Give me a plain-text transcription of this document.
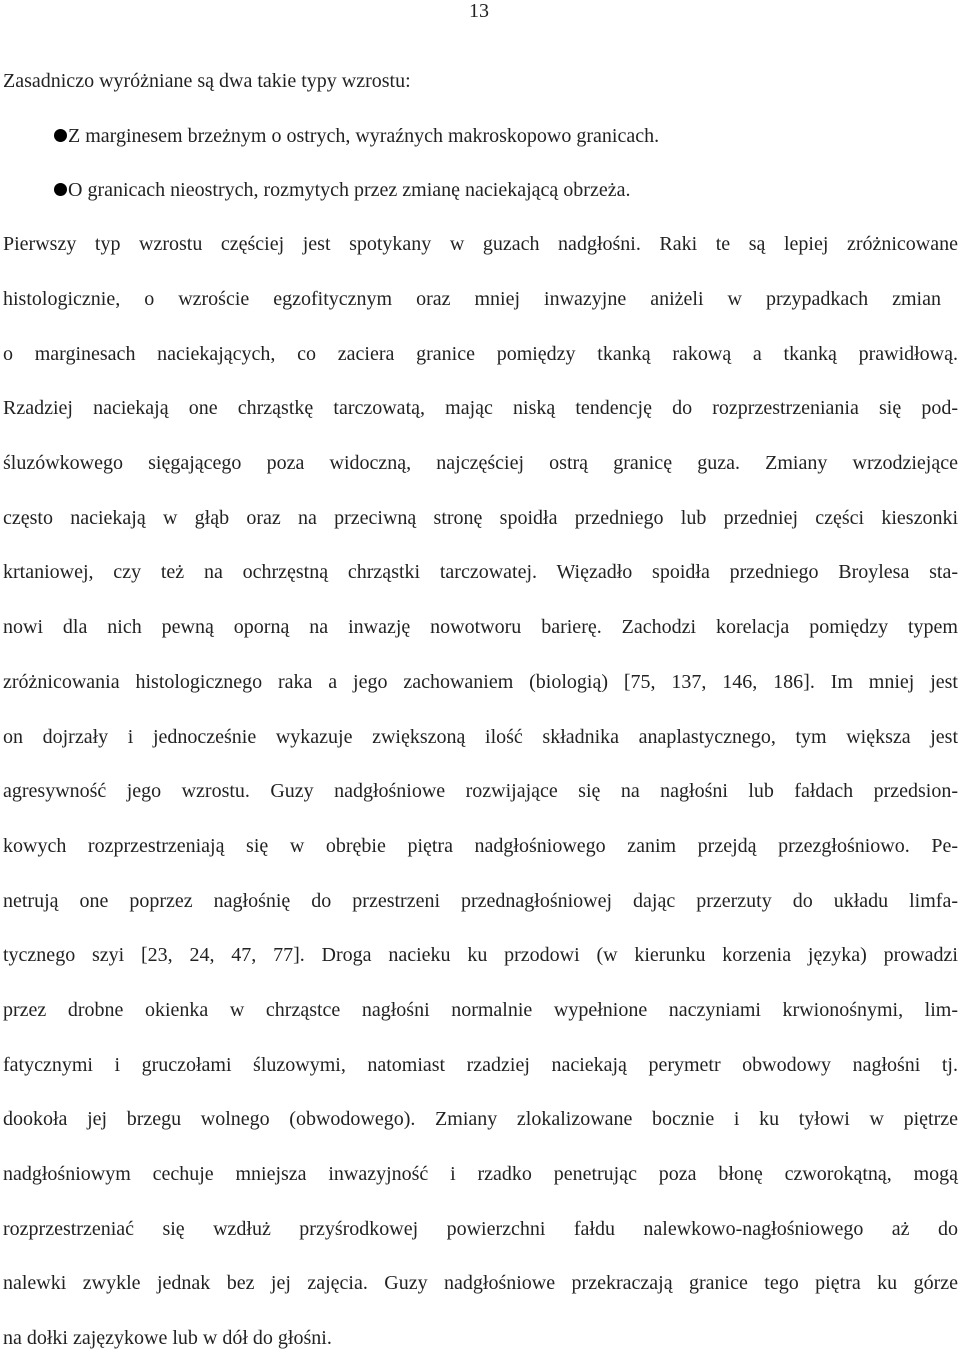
13
Zasadniczo wyróżniane są dwa takie typy wzrostu:
Z marginesem brzeżnym o ostrych, wyraźnych makroskopowo granicach.
O granicach nieostrych, rozmytych przez zmianę naciekającą obrzeża.
Pierwszy typ wzrostu częściej jest spotykany w guzach nadgłośni. Raki te są lepiej zróżnicowane
histologicznie, o wzroście egzofitycznym oraz mniej inwazyjne aniżeli w przypadkach zmian
o marginesach naciekających, co zaciera granice pomiędzy tkanką rakową a tkanką prawidłową.
Rzadziej naciekają one chrząstkę tarczowatą, mając niską tendencję do rozprzestrzeniania się pod-
śluzówkowego sięgającego poza widoczną, najczęściej ostrą granicę guza. Zmiany wrzodziejące
często naciekają w głąb oraz na przeciwną stronę spoidła przedniego lub przedniej części kieszonki
krtaniowej, czy też na ochrzęstną chrząstki tarczowatej. Więzadło spoidła przedniego Broylesa sta-
nowi dla nich pewną oporną na inwazję nowotworu barierę. Zachodzi korelacja pomiędzy typem
zróżnicowania histologicznego raka a jego zachowaniem (biologią) [75, 137, 146, 186]. Im mniej jest
on dojrzały i jednocześnie wykazuje zwiększoną ilość składnika anaplastycznego, tym większa jest
agresywność jego wzrostu. Guzy nadgłośniowe rozwijające się na nagłośni lub fałdach przedsion-
kowych rozprzestrzeniają się w obrębie piętra nadgłośniowego zanim przejdą przezgłośniowo. Pe-
netrują one poprzez nagłośnię do przestrzeni przednagłośniowej dając przerzuty do układu limfa-
tycznego szyi [23, 24, 47, 77]. Droga nacieku ku przodowi (w kierunku korzenia języka) prowadzi
przez drobne okienka w chrząstce nagłośni normalnie wypełnione naczyniami krwionośnymi, lim-
fatycznymi i gruczołami śluzowymi, natomiast rzadziej naciekają perymetr obwodowy nagłośni tj.
dookoła jej brzegu wolnego (obwodowego). Zmiany zlokalizowane bocznie i ku tyłowi w piętrze
nadgłośniowym cechuje mniejsza inwazyjność i rzadko penetrując poza błonę czworokątną, mogą
rozprzestrzeniać się wzdłuż przyśrodkowej powierzchni fałdu nalewkowo-nagłośniowego aż do
nalewki zwykle jednak bez jej zajęcia. Guzy nadgłośniowe przekraczają granice tego piętra ku górze
na dołki zajęzykowe lub w dół do głośni.
